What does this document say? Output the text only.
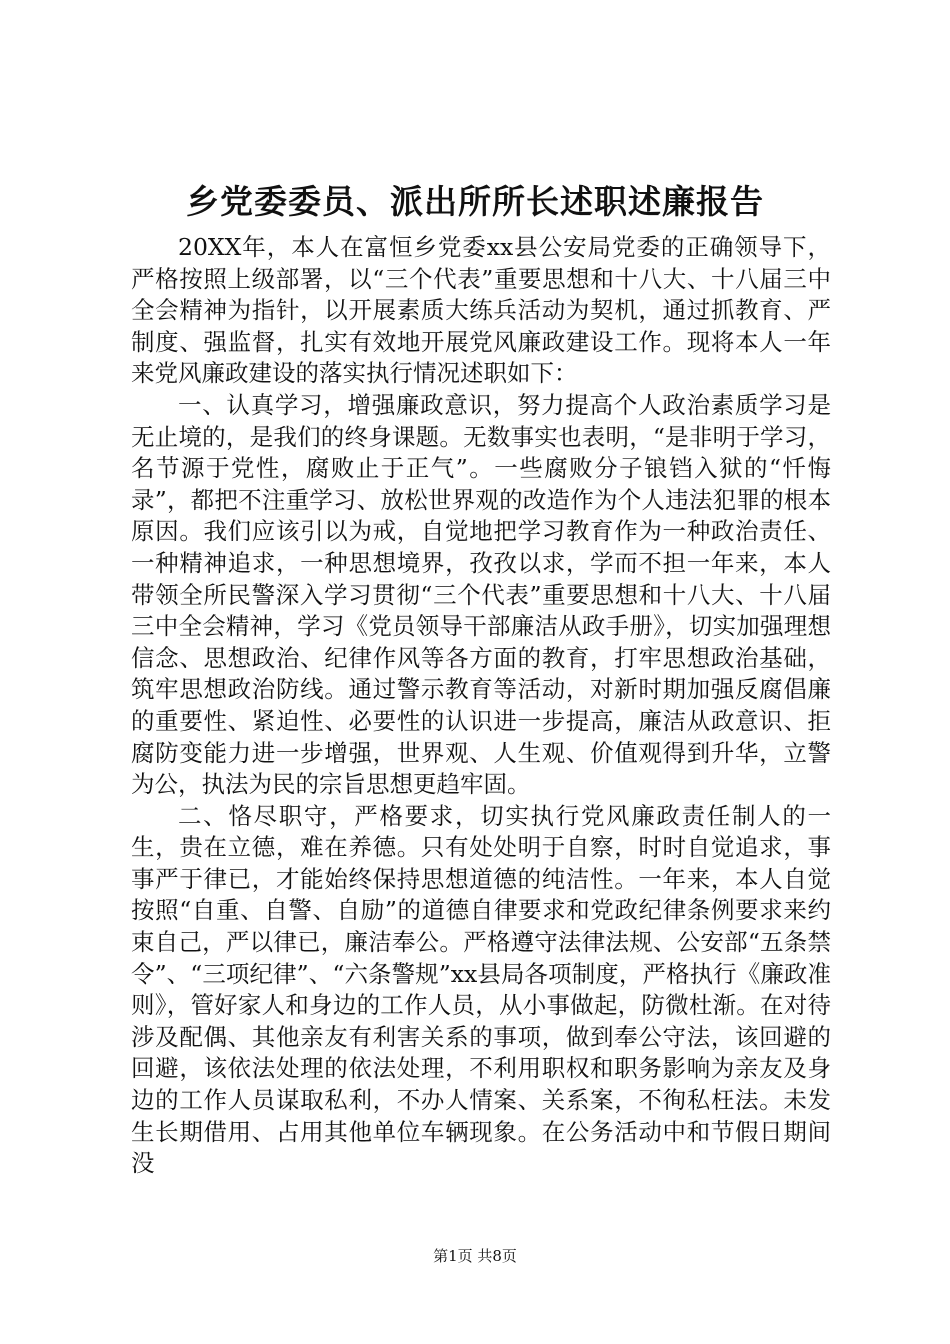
乡党委委员、派出所所长述职述廉报告

20XX年，本人在富恒乡党委xx县公安局党委的正确领导下，严格按照上级部署，以“三个代表”重要思想和十八大、十八届三中全会精神为指针，以开展素质大练兵活动为契机，通过抓教育、严制度、强监督，扎实有效地开展党风廉政建设工作。现将本人一年来党风廉政建设的落实执行情况述职如下：

一、认真学习，增强廉政意识，努力提高个人政治素质学习是无止境的，是我们的终身课题。无数事实也表明，“是非明于学习，名节源于党性，腐败止于正气”。一些腐败分子锒铛入狱的“忏悔录”，都把不注重学习、放松世界观的改造作为个人违法犯罪的根本原因。我们应该引以为戒，自觉地把学习教育作为一种政治责任、一种精神追求，一种思想境界，孜孜以求，学而不担一年来，本人带领全所民警深入学习贯彻“三个代表”重要思想和十八大、十八届三中全会精神，学习《党员领导干部廉洁从政手册》，切实加强理想信念、思想政治、纪律作风等各方面的教育，打牢思想政治基础，筑牢思想政治防线。通过警示教育等活动，对新时期加强反腐倡廉的重要性、紧迫性、必要性的认识进一步提高，廉洁从政意识、拒腐防变能力进一步增强，世界观、人生观、价值观得到升华，立警为公，执法为民的宗旨思想更趋牢固。

二、恪尽职守，严格要求，切实执行党风廉政责任制人的一生，贵在立德，难在养德。只有处处明于自察，时时自觉追求，事事严于律已，才能始终保持思想道德的纯洁性。一年来，本人自觉按照“自重、自警、自励”的道德自律要求和党政纪律条例要求来约束自己，严以律已，廉洁奉公。严格遵守法律法规、公安部“五条禁令”、“三项纪律”、“六条警规”xx县局各项制度，严格执行《廉政准则》，管好家人和身边的工作人员，从小事做起，防微杜渐。在对待涉及配偶、其他亲友有利害关系的事项，做到奉公守法，该回避的回避，该依法处理的依法处理，不利用职权和职务影响为亲友及身边的工作人员谋取私利，不办人情案、关系案，不徇私枉法。未发生长期借用、占用其他单位车辆现象。在公务活动中和节假日期间没

第1页 共8页
